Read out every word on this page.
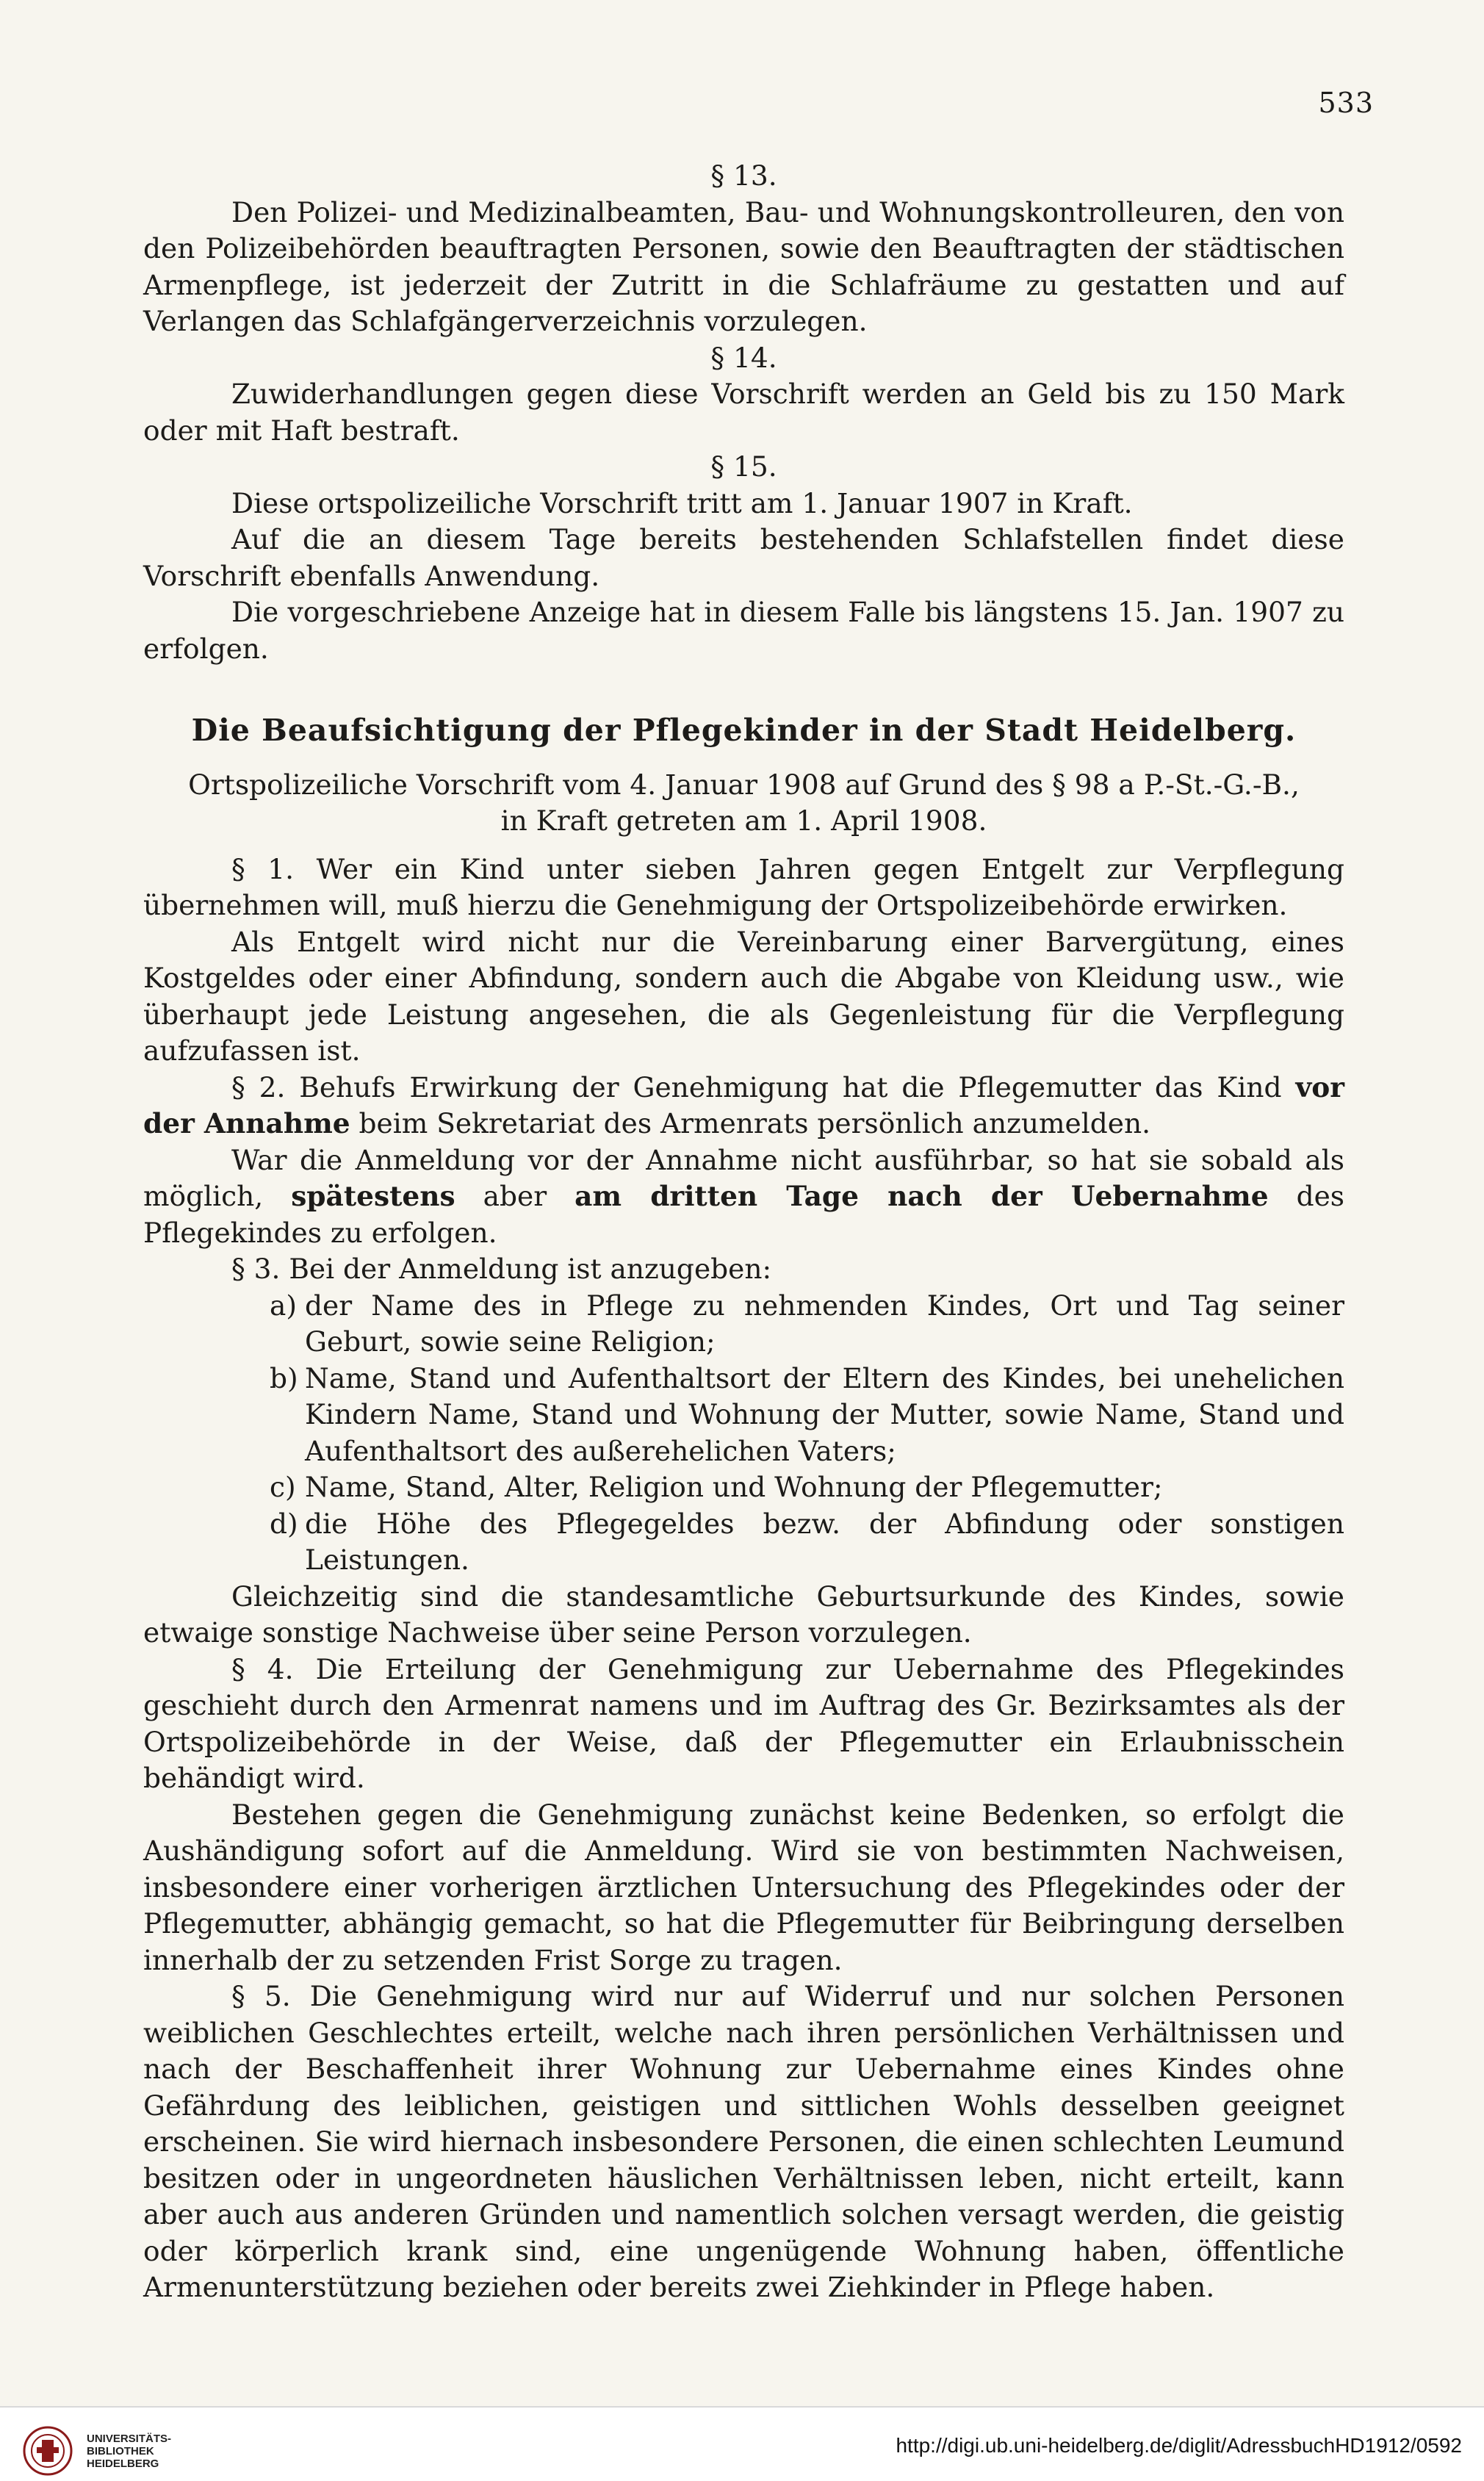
533

§ 13.

Den Polizei- und Medizinalbeamten, Bau- und Wohnungskontrolleuren, den von den Polizeibehörden beauftragten Personen, sowie den Beauftragten der städtischen Armenpflege, ist jederzeit der Zutritt in die Schlafräume zu gestatten und auf Verlangen das Schlafgängerverzeichnis vorzulegen.

§ 14.

Zuwiderhandlungen gegen diese Vorschrift werden an Geld bis zu 150 Mark oder mit Haft bestraft.

§ 15.

Diese ortspolizeiliche Vorschrift tritt am 1. Januar 1907 in Kraft.

Auf die an diesem Tage bereits bestehenden Schlafstellen findet diese Vorschrift ebenfalls Anwendung.

Die vorgeschriebene Anzeige hat in diesem Falle bis längstens 15. Jan. 1907 zu erfolgen.

Die Beaufsichtigung der Pflegekinder in der Stadt Heidelberg.

Ortspolizeiliche Vorschrift vom 4. Januar 1908 auf Grund des § 98 a P.-St.-G.-B.,

in Kraft getreten am 1. April 1908.

§ 1. Wer ein Kind unter sieben Jahren gegen Entgelt zur Verpflegung übernehmen will, muß hierzu die Genehmigung der Ortspolizeibehörde erwirken.

Als Entgelt wird nicht nur die Vereinbarung einer Barvergütung, eines Kostgeldes oder einer Abfindung, sondern auch die Abgabe von Kleidung usw., wie überhaupt jede Leistung angesehen, die als Gegenleistung für die Verpflegung aufzufassen ist.

§ 2. Behufs Erwirkung der Genehmigung hat die Pflegemutter das Kind vor der Annahme beim Sekretariat des Armenrats persönlich anzumelden.

War die Anmeldung vor der Annahme nicht ausführbar, so hat sie sobald als möglich, spätestens aber am dritten Tage nach der Uebernahme des Pflegekindes zu erfolgen.

§ 3. Bei der Anmeldung ist anzugeben:

a) der Name des in Pflege zu nehmenden Kindes, Ort und Tag seiner Geburt, sowie seine Religion;

b) Name, Stand und Aufenthaltsort der Eltern des Kindes, bei unehelichen Kindern Name, Stand und Wohnung der Mutter, sowie Name, Stand und Aufenthaltsort des außerehelichen Vaters;

c) Name, Stand, Alter, Religion und Wohnung der Pflegemutter;

d) die Höhe des Pflegegeldes bezw. der Abfindung oder sonstigen Leistungen.

Gleichzeitig sind die standesamtliche Geburtsurkunde des Kindes, sowie etwaige sonstige Nachweise über seine Person vorzulegen.

§ 4. Die Erteilung der Genehmigung zur Uebernahme des Pflegekindes geschieht durch den Armenrat namens und im Auftrag des Gr. Bezirksamtes als der Ortspolizeibehörde in der Weise, daß der Pflegemutter ein Erlaubnisschein behändigt wird.

Bestehen gegen die Genehmigung zunächst keine Bedenken, so erfolgt die Aushändigung sofort auf die Anmeldung. Wird sie von bestimmten Nachweisen, insbesondere einer vorherigen ärztlichen Untersuchung des Pflegekindes oder der Pflegemutter, abhängig gemacht, so hat die Pflegemutter für Beibringung derselben innerhalb der zu setzenden Frist Sorge zu tragen.

§ 5. Die Genehmigung wird nur auf Widerruf und nur solchen Personen weiblichen Geschlechtes erteilt, welche nach ihren persönlichen Verhältnissen und nach der Beschaffenheit ihrer Wohnung zur Uebernahme eines Kindes ohne Gefährdung des leiblichen, geistigen und sittlichen Wohls desselben geeignet erscheinen. Sie wird hiernach insbesondere Personen, die einen schlechten Leumund besitzen oder in ungeordneten häuslichen Verhältnissen leben, nicht erteilt, kann aber auch aus anderen Gründen und namentlich solchen versagt werden, die geistig oder körperlich krank sind, eine ungenügende Wohnung haben, öffentliche Armenunterstützung beziehen oder bereits zwei Ziehkinder in Pflege haben.

UNIVERSITÄTS-
BIBLIOTHEK
HEIDELBERG
http://digi.ub.uni-heidelberg.de/diglit/AdressbuchHD1912/0592
